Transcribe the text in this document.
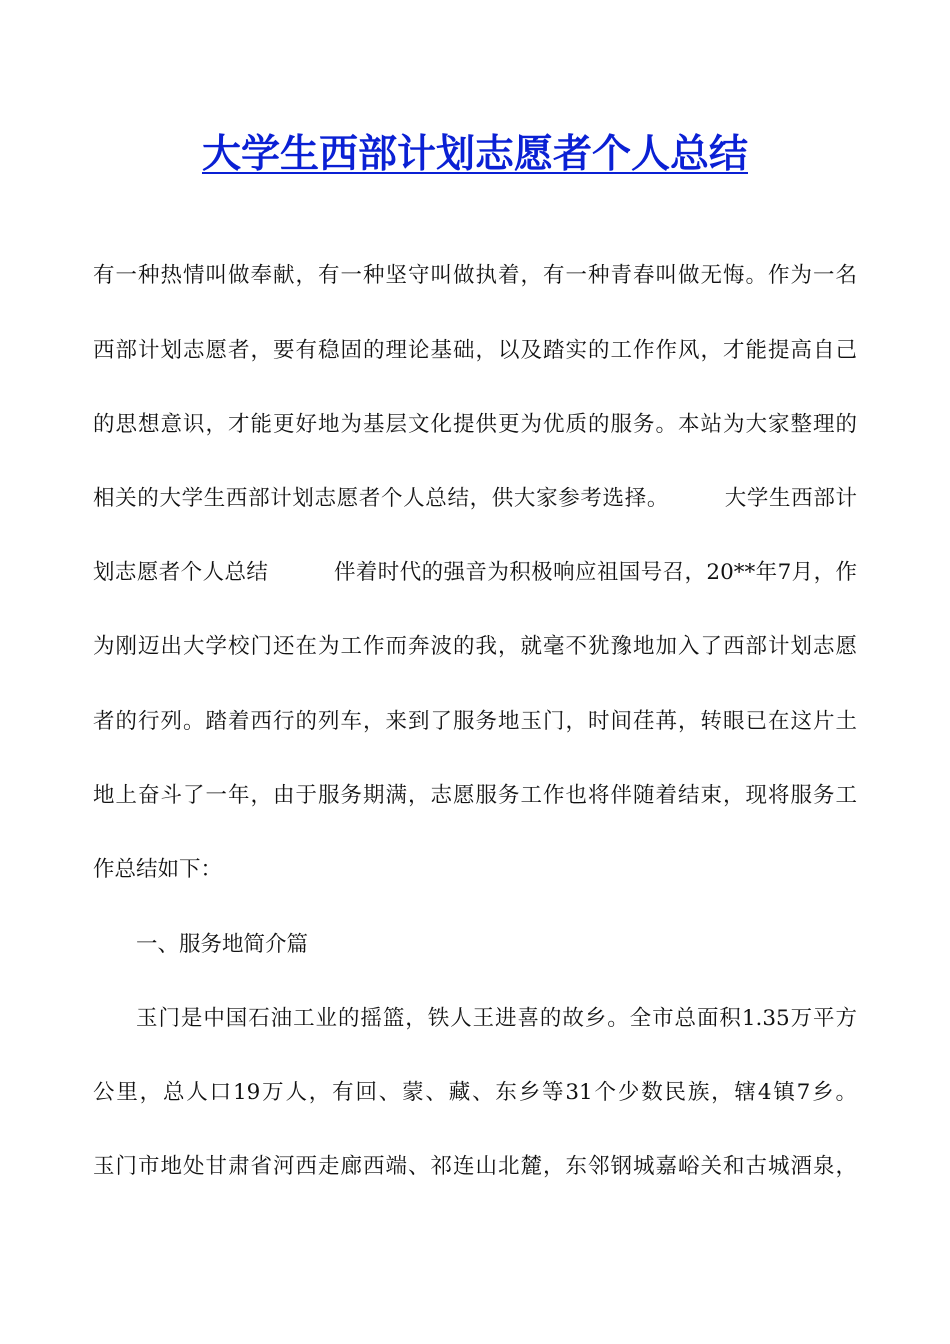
大学生西部计划志愿者个人总结

有一种热情叫做奉献，有一种坚守叫做执着，有一种青春叫做无悔。作为一名

西部计划志愿者，要有稳固的理论基础，以及踏实的工作作风，才能提高自己

的思想意识，才能更好地为基层文化提供更为优质的服务。本站为大家整理的

相关的大学生西部计划志愿者个人总结，供大家参考选择。　　　大学生西部计

划志愿者个人总结　　　伴着时代的强音为积极响应祖国号召，20**年7月，作

为刚迈出大学校门还在为工作而奔波的我，就毫不犹豫地加入了西部计划志愿

者的行列。踏着西行的列车，来到了服务地玉门，时间荏苒，转眼已在这片土

地上奋斗了一年，由于服务期满，志愿服务工作也将伴随着结束，现将服务工

作总结如下：

一、服务地简介篇

玉门是中国石油工业的摇篮，铁人王进喜的故乡。全市总面积1.35万平方

公里，总人口19万人，有回、蒙、藏、东乡等31个少数民族，辖4镇7乡。

玉门市地处甘肃省河西走廊西端、祁连山北麓，东邻钢城嘉峪关和古城酒泉，
